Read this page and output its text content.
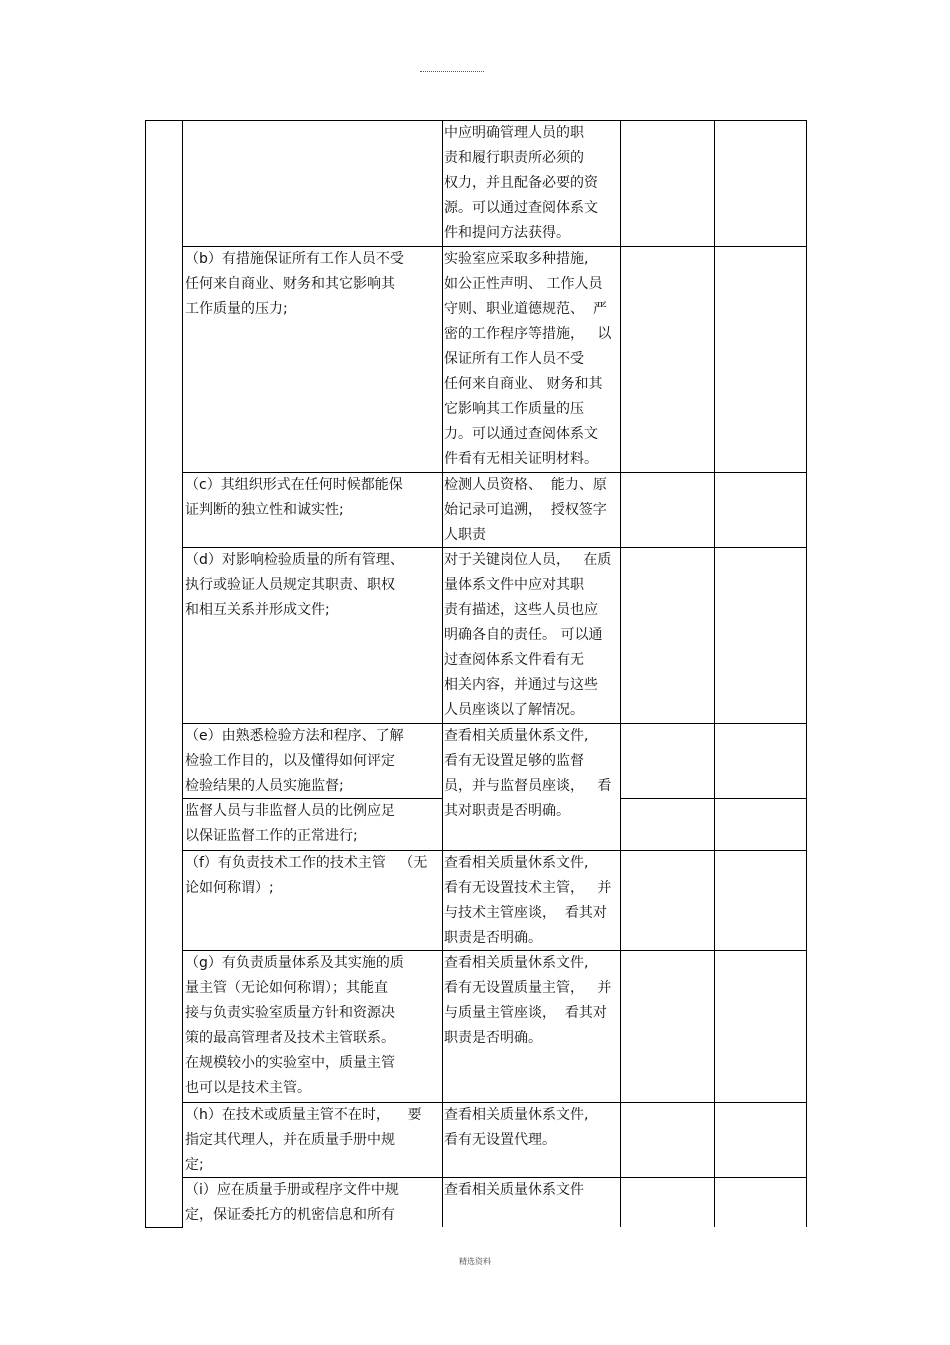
中应明确管理人员的职
责和履行职责所必须的
权力，并且配备必要的资
源。可以通过查阅体系文
件和提问方法获得。
（b）有措施保证所有工作人员不受
任何来自商业、财务和其它影响其
工作质量的压力;
实验室应采取多种措施,
如公正性声明、 工作人员
守则、职业道德规范、  严
密的工作程序等措施，   以
保证所有工作人员不受
任何来自商业、 财务和其
它影响其工作质量的压
力。可以通过查阅体系文
件看有无相关证明材料。
（c）其组织形式在任何时候都能保
证判断的独立性和诚实性;
检测人员资格、  能力、原
始记录可追溯，  授权签字
人职责
（d）对影响检验质量的所有管理、
执行或验证人员规定其职责、职权
和相互关系并形成文件;
对于关键岗位人员，   在质
量体系文件中应对其职
责有描述，这些人员也应
明确各自的责任。 可以通
过查阅体系文件看有无
相关内容，并通过与这些
人员座谈以了解情况。
（e）由熟悉检验方法和程序、了解
检验工作目的，以及懂得如何评定
检验结果的人员实施监督;
查看相关质量休系文件,
看有无设置足够的监督
员，并与监督员座谈，   看
其对职责是否明确。
监督人员与非监督人员的比例应足
以保证监督工作的正常进行;
（f）有负责技术工作的技术主管   （无
论如何称谓）;
查看相关质量休系文件,
看有无设置技术主管，   并
与技术主管座谈，  看其对
职责是否明确。
（g）有负责质量体系及其实施的质
量主管（无论如何称谓）；其能直
接与负责实验室质量方针和资源决
策的最高管理者及技术主管联系。
在规模较小的实验室中，质量主管
也可以是技术主管。
查看相关质量休系文件,
看有无设置质量主管，   并
与质量主管座谈，  看其对
职责是否明确。
（h）在技术或质量主管不在时，    要
指定其代理人，并在质量手册中规
定;
查看相关质量休系文件,
看有无设置代理。
（i）应在质量手册或程序文件中规
定，保证委托方的机密信息和所有
查看相关质量休系文件
精选资料
